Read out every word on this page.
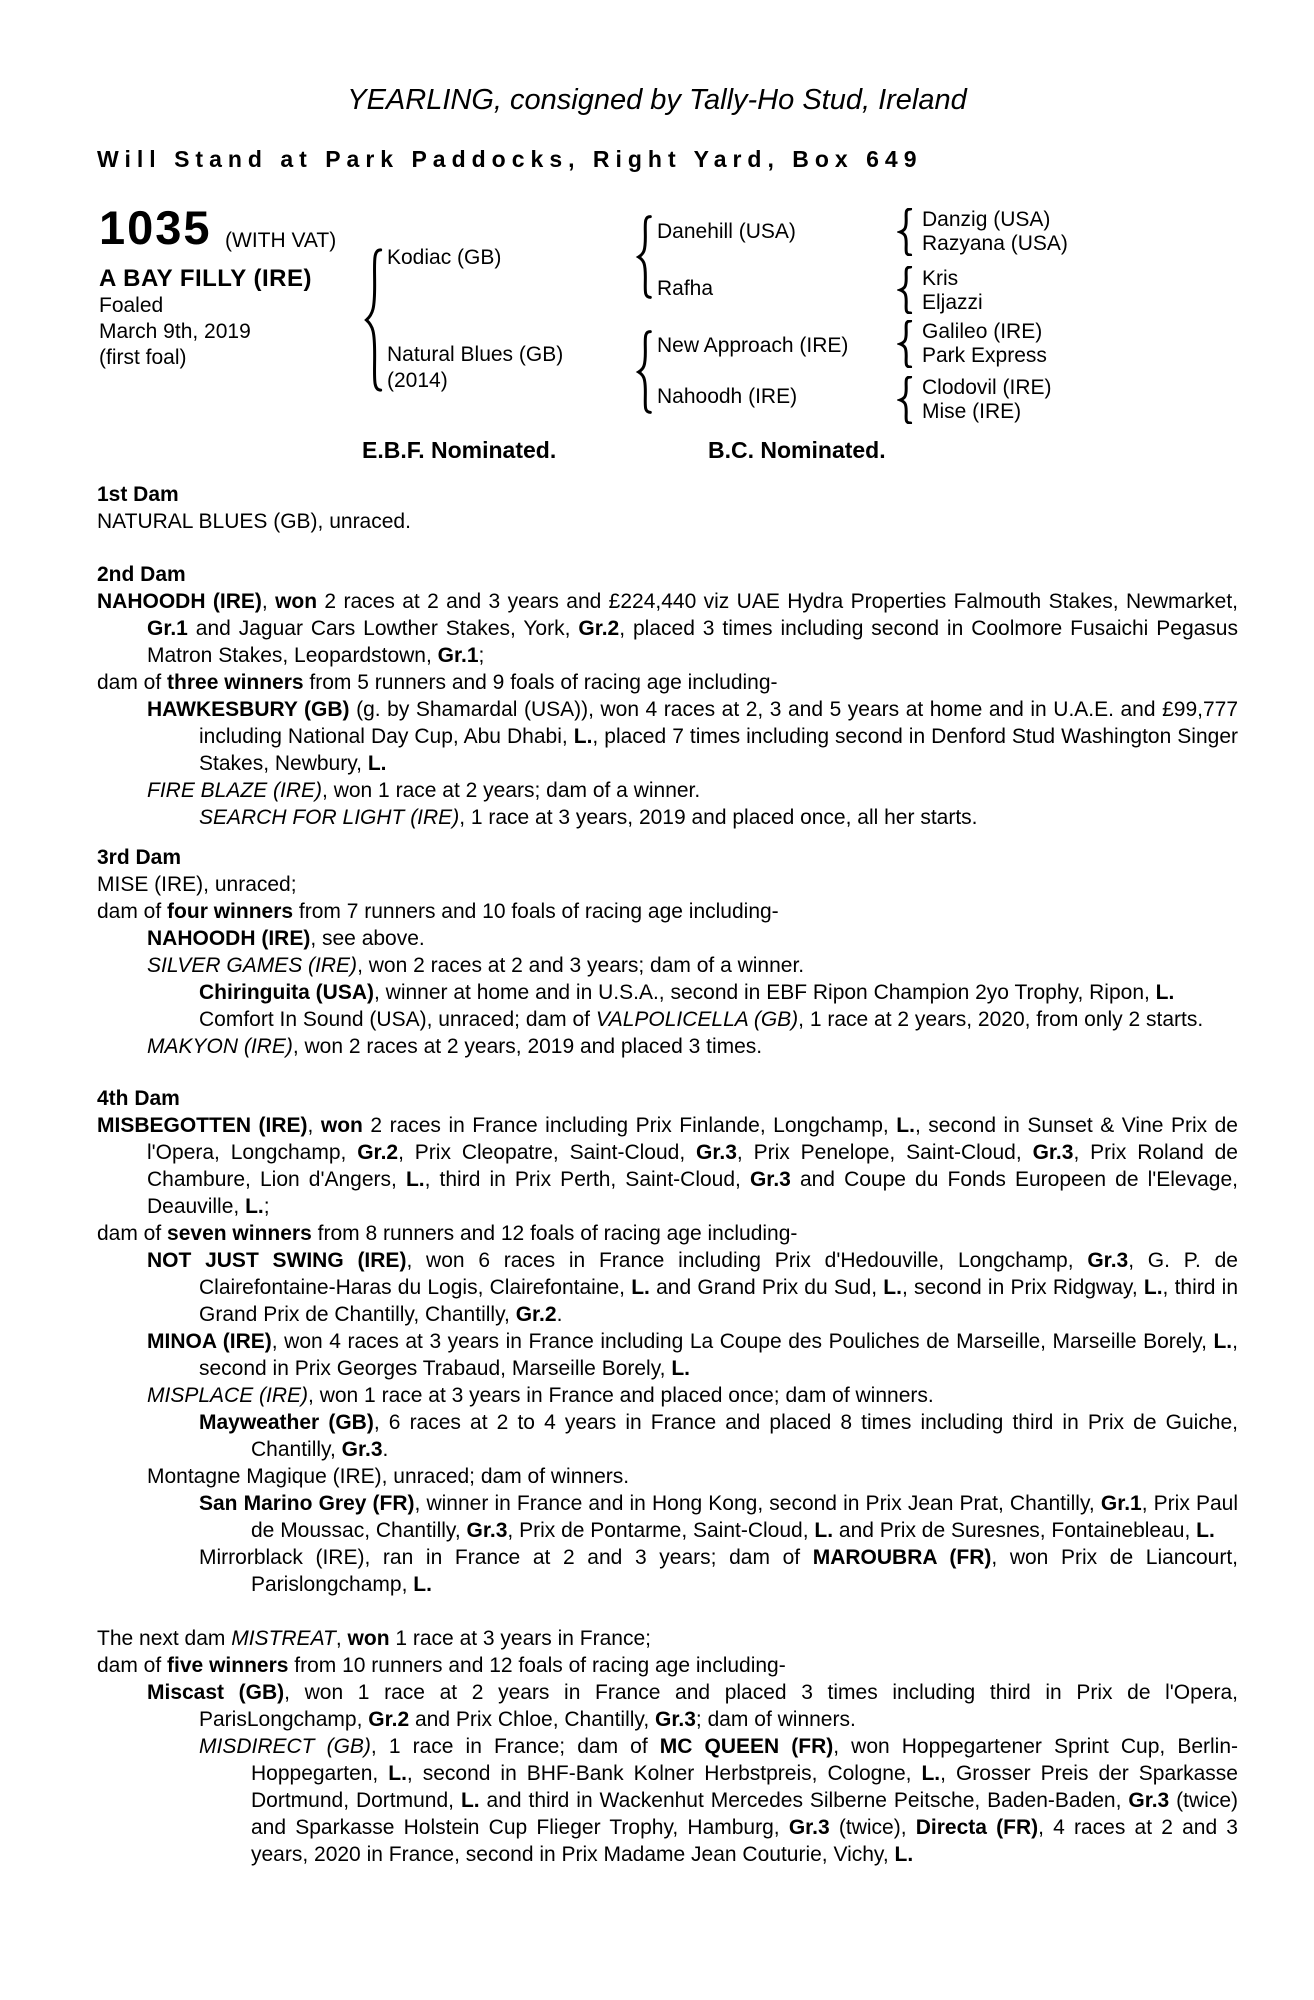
YEARLING, consigned by Tally-Ho Stud, Ireland
Will Stand at Park Paddocks, Right Yard, Box 649
1035 (WITH VAT)
A BAY FILLY (IRE)
Foaled
March 9th, 2019
(first foal)
Kodiac (GB)
Natural Blues (GB)
(2014)
Danehill (USA)
Rafha
New Approach (IRE)
Nahoodh (IRE)
Danzig (USA)
Razyana (USA)
Kris
Eljazzi
Galileo (IRE)
Park Express
Clodovil (IRE)
Mise (IRE)
E.B.F. Nominated.	B.C. Nominated.
1st Dam
NATURAL BLUES (GB), unraced.
2nd Dam
NAHOODH (IRE), won 2 races at 2 and 3 years and £224,440 viz UAE Hydra Properties Falmouth Stakes, Newmarket, Gr.1 and Jaguar Cars Lowther Stakes, York, Gr.2, placed 3 times including second in Coolmore Fusaichi Pegasus Matron Stakes, Leopardstown, Gr.1;
dam of three winners from 5 runners and 9 foals of racing age including-
HAWKESBURY (GB) (g. by Shamardal (USA)), won 4 races at 2, 3 and 5 years at home and in U.A.E. and £99,777 including National Day Cup, Abu Dhabi, L., placed 7 times including second in Denford Stud Washington Singer Stakes, Newbury, L.
FIRE BLAZE (IRE), won 1 race at 2 years; dam of a winner.
SEARCH FOR LIGHT (IRE), 1 race at 3 years, 2019 and placed once, all her starts.
3rd Dam
MISE (IRE), unraced;
dam of four winners from 7 runners and 10 foals of racing age including-
NAHOODH (IRE), see above.
SILVER GAMES (IRE), won 2 races at 2 and 3 years; dam of a winner.
Chiringuita (USA), winner at home and in U.S.A., second in EBF Ripon Champion 2yo Trophy, Ripon, L.
Comfort In Sound (USA), unraced; dam of VALPOLICELLA (GB), 1 race at 2 years, 2020, from only 2 starts.
MAKYON (IRE), won 2 races at 2 years, 2019 and placed 3 times.
4th Dam
MISBEGOTTEN (IRE), won 2 races in France including Prix Finlande, Longchamp, L., second in Sunset & Vine Prix de l'Opera, Longchamp, Gr.2, Prix Cleopatre, Saint-Cloud, Gr.3, Prix Penelope, Saint-Cloud, Gr.3, Prix Roland de Chambure, Lion d'Angers, L., third in Prix Perth, Saint-Cloud, Gr.3 and Coupe du Fonds Europeen de l'Elevage, Deauville, L.;
dam of seven winners from 8 runners and 12 foals of racing age including-
NOT JUST SWING (IRE), won 6 races in France including Prix d'Hedouville, Longchamp, Gr.3, G. P. de Clairefontaine-Haras du Logis, Clairefontaine, L. and Grand Prix du Sud, L., second in Prix Ridgway, L., third in Grand Prix de Chantilly, Chantilly, Gr.2.
MINOA (IRE), won 4 races at 3 years in France including La Coupe des Pouliches de Marseille, Marseille Borely, L., second in Prix Georges Trabaud, Marseille Borely, L.
MISPLACE (IRE), won 1 race at 3 years in France and placed once; dam of winners.
Mayweather (GB), 6 races at 2 to 4 years in France and placed 8 times including third in Prix de Guiche, Chantilly, Gr.3.
Montagne Magique (IRE), unraced; dam of winners.
San Marino Grey (FR), winner in France and in Hong Kong, second in Prix Jean Prat, Chantilly, Gr.1, Prix Paul de Moussac, Chantilly, Gr.3, Prix de Pontarme, Saint-Cloud, L. and Prix de Suresnes, Fontainebleau, L.
Mirrorblack (IRE), ran in France at 2 and 3 years; dam of MAROUBRA (FR), won Prix de Liancourt, Parislongchamp, L.
The next dam MISTREAT, won 1 race at 3 years in France;
dam of five winners from 10 runners and 12 foals of racing age including-
Miscast (GB), won 1 race at 2 years in France and placed 3 times including third in Prix de l'Opera, ParisLongchamp, Gr.2 and Prix Chloe, Chantilly, Gr.3; dam of winners.
MISDIRECT (GB), 1 race in France; dam of MC QUEEN (FR), won Hoppegartener Sprint Cup, Berlin-Hoppegarten, L., second in BHF-Bank Kolner Herbstpreis, Cologne, L., Grosser Preis der Sparkasse Dortmund, Dortmund, L. and third in Wackenhut Mercedes Silberne Peitsche, Baden-Baden, Gr.3 (twice) and Sparkasse Holstein Cup Flieger Trophy, Hamburg, Gr.3 (twice), Directa (FR), 4 races at 2 and 3 years, 2020 in France, second in Prix Madame Jean Couturie, Vichy, L.
